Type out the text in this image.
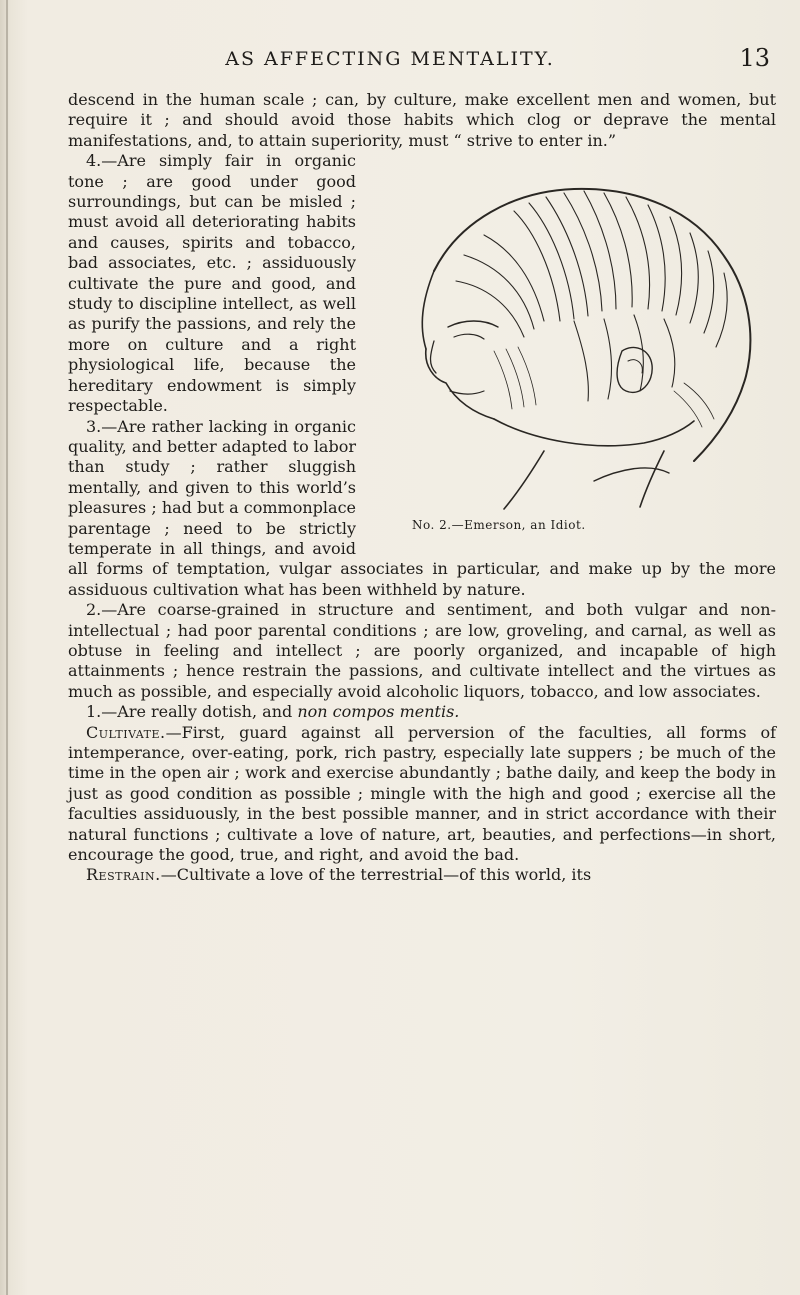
AS AFFECTING MENTALITY.	13

descend in the human scale ; can, by culture, make excellent men and women, but require it ; and should avoid those habits which clog or deprave the mental manifestations, and, to attain superiority, must “ strive to enter in.”

No. 2.—Emerson, an Idiot.

4.—Are simply fair in organic tone ; are good under good surroundings, but can be misled ; must avoid all deteriorating habits and causes, spirits and tobacco, bad associates, etc. ; assiduously cultivate the pure and good, and study to discipline intellect, as well as purify the passions, and rely the more on culture and a right physiological life, because the hereditary endowment is simply respectable.

3.—Are rather lacking in organic quality, and better adapted to labor than study ; rather sluggish mentally, and given to this world’s pleasures ; had but a commonplace parentage ; need to be strictly temperate in all things, and avoid all forms of temptation, vulgar associates in particular, and make up by the more assiduous cultivation what has been withheld by nature.

2.—Are coarse-grained in structure and sentiment, and both vulgar and non-intellectual ; had poor parental conditions ; are low, groveling, and carnal, as well as obtuse in feeling and intellect ; are poorly organized, and incapable of high attainments ; hence restrain the passions, and cultivate intellect and the virtues as much as possible, and especially avoid alcoholic liquors, tobacco, and low associates.

1.—Are really dotish, and non compos mentis.

Cultivate.—First, guard against all perversion of the faculties, all forms of intemperance, over-eating, pork, rich pastry, especially late suppers ; be much of the time in the open air ; work and exercise abundantly ; bathe daily, and keep the body in just as good condition as possible ; mingle with the high and good ; exercise all the faculties assiduously, in the best possible manner, and in strict accordance with their natural functions ; cultivate a love of nature, art, beauties, and perfections—in short, encourage the good, true, and right, and avoid the bad.

Restrain.—Cultivate a love of the terrestrial—of this world, its
